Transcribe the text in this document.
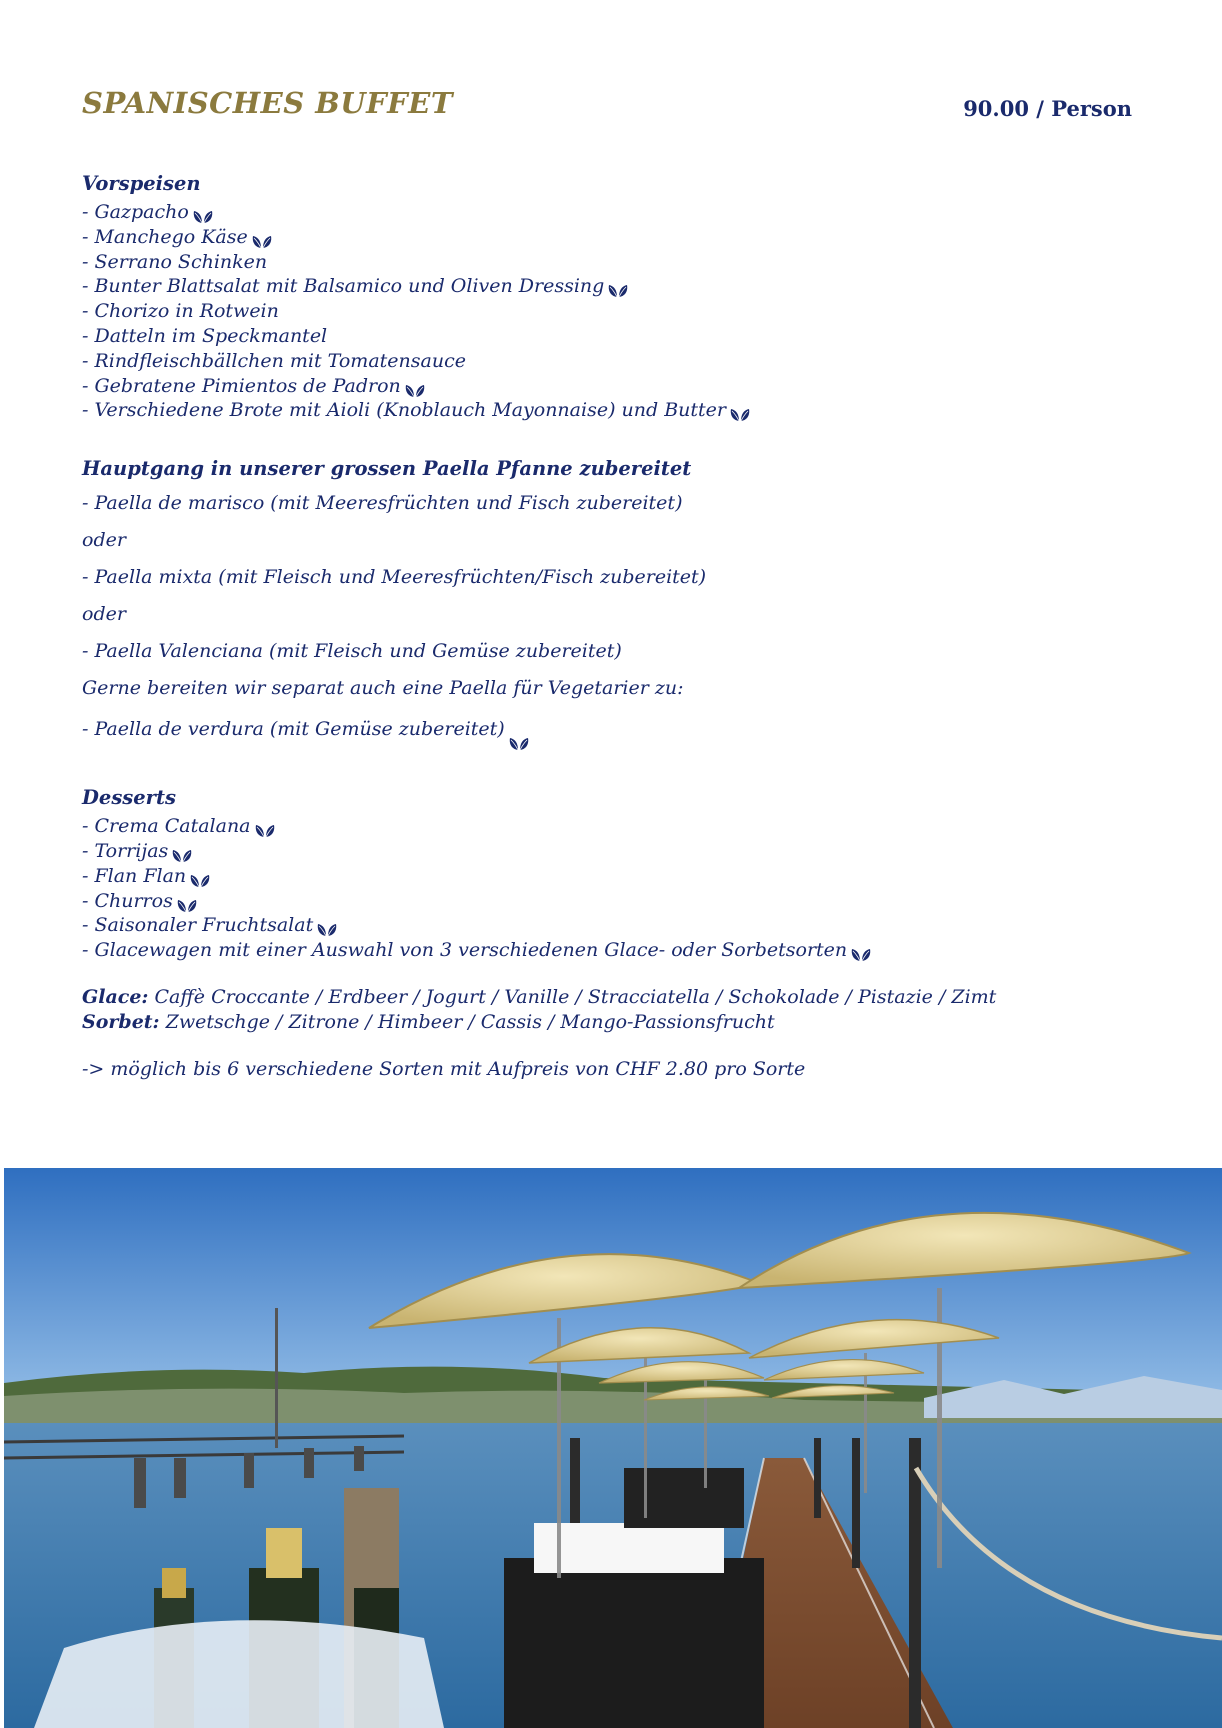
SPANISCHES BUFFET	90.00 / Person
Vorspeisen
- Gazpacho
- Manchego Käse
- Serrano Schinken
- Bunter Blattsalat mit Balsamico und Oliven Dressing
- Chorizo in Rotwein
- Datteln im Speckmantel
- Rindfleischbällchen mit Tomatensauce
- Gebratene Pimientos de Padron
- Verschiedene Brote mit Aioli (Knoblauch Mayonnaise) und Butter
Hauptgang in unserer grossen Paella Pfanne zubereitet
- Paella de marisco (mit Meeresfrüchten und Fisch zubereitet)
oder
- Paella mixta (mit Fleisch und Meeresfrüchten/Fisch zubereitet)
oder
- Paella Valenciana (mit Fleisch und Gemüse zubereitet)
Gerne bereiten wir separat auch eine Paella für Vegetarier zu:
- Paella de verdura (mit Gemüse zubereitet)
Desserts
- Crema Catalana
- Torrijas
- Flan Flan
- Churros
- Saisonaler Fruchtsalat
- Glacewagen mit einer Auswahl von 3 verschiedenen Glace- oder Sorbetsorten
Glace: Caffè Croccante / Erdbeer / Jogurt / Vanille / Stracciatella / Schokolade / Pistazie / Zimt
Sorbet: Zwetschge / Zitrone / Himbeer / Cassis / Mango-Passionsfrucht
-> möglich bis 6 verschiedene Sorten mit Aufpreis von CHF 2.80 pro Sorte
